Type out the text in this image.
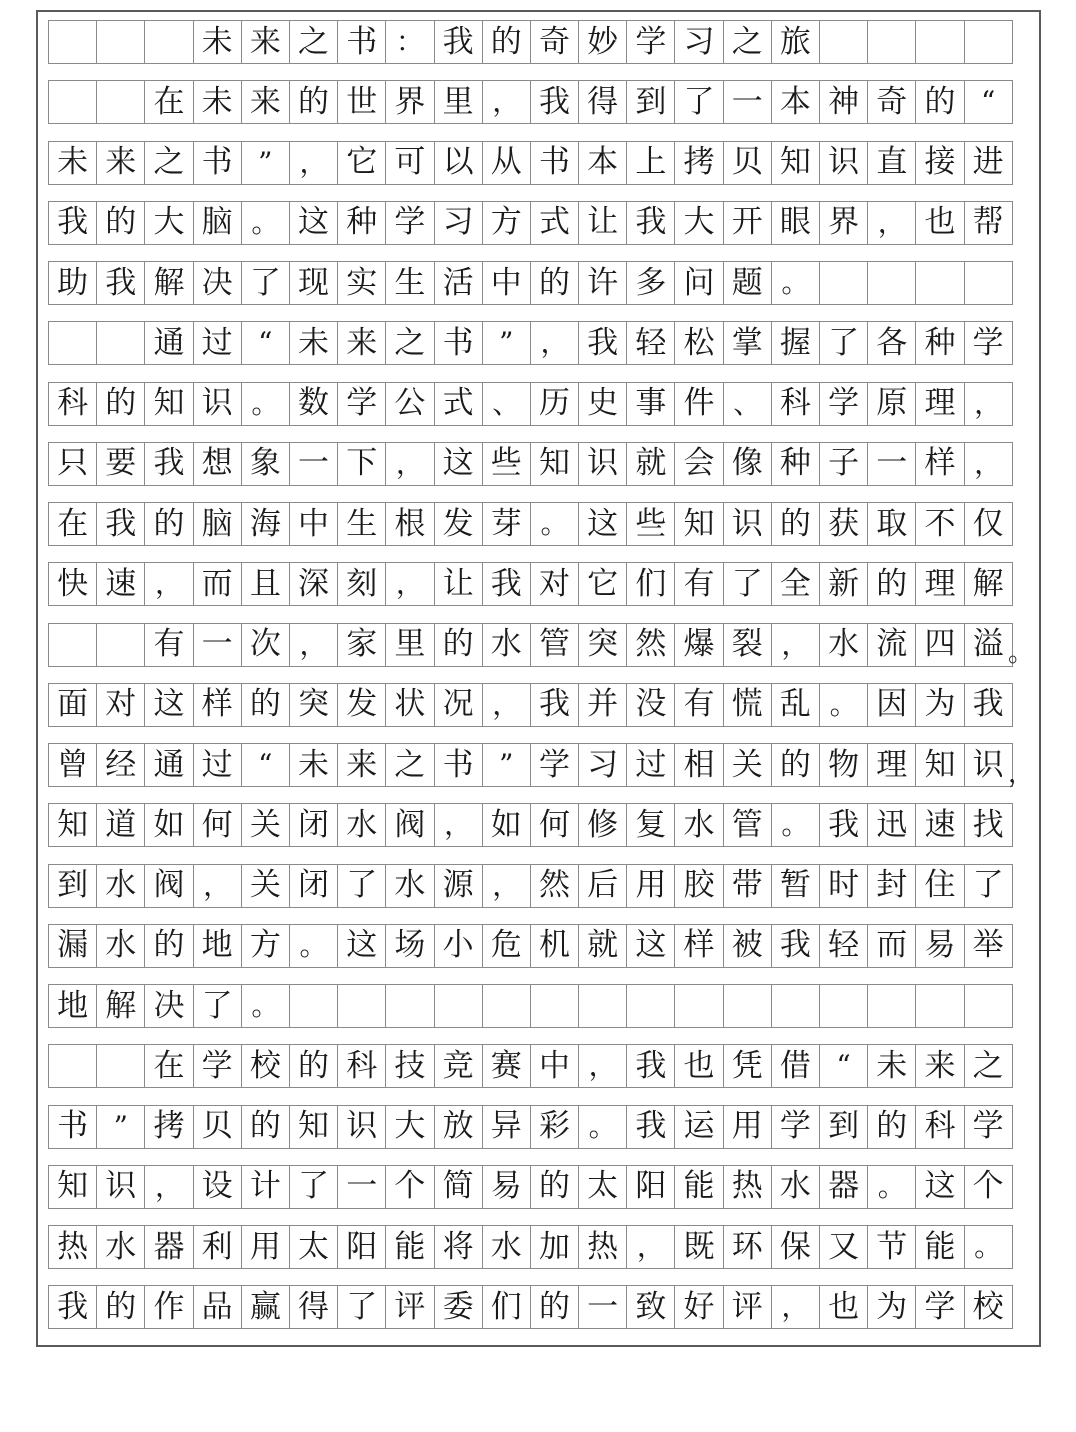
未 来 之 书 ： 我 的 奇 妙 学 习 之 旅
在 未 来 的 世 界 里 ， 我 得 到 了 一 本 神 奇 的 “
未 来 之 书 ” ， 它 可 以 从 书 本 上 拷 贝 知 识 直 接 进
我 的 大 脑 。 这 种 学 习 方 式 让 我 大 开 眼 界 ， 也 帮
助 我 解 决 了 现 实 生 活 中 的 许 多 问 题 。
通 过 “ 未 来 之 书 ” ， 我 轻 松 掌 握 了 各 种 学
科 的 知 识 。 数 学 公 式 、 历 史 事 件 、 科 学 原 理 ，
只 要 我 想 象 一 下 ， 这 些 知 识 就 会 像 种 子 一 样 ，
在 我 的 脑 海 中 生 根 发 芽 。 这 些 知 识 的 获 取 不 仅
快 速 ， 而 且 深 刻 ， 让 我 对 它 们 有 了 全 新 的 理 解
有 一 次 ， 家 里 的 水 管 突 然 爆 裂 ， 水 流 四 溢
面 对 这 样 的 突 发 状 况 ， 我 并 没 有 慌 乱 。 因 为 我
曾 经 通 过 “ 未 来 之 书 ” 学 习 过 相 关 的 物 理 知 识
知 道 如 何 关 闭 水 阀 ， 如 何 修 复 水 管 。 我 迅 速 找
到 水 阀 ， 关 闭 了 水 源 ， 然 后 用 胶 带 暂 时 封 住 了
漏 水 的 地 方 。 这 场 小 危 机 就 这 样 被 我 轻 而 易 举
地 解 决 了 。
在 学 校 的 科 技 竞 赛 中 ， 我 也 凭 借 “ 未 来 之
书 ” 拷 贝 的 知 识 大 放 异 彩 。 我 运 用 学 到 的 科 学
知 识 ， 设 计 了 一 个 简 易 的 太 阳 能 热 水 器 。 这 个
热 水 器 利 用 太 阳 能 将 水 加 热 ， 既 环 保 又 节 能 。
我 的 作 品 赢 得 了 评 委 们 的 一 致 好 评 ， 也 为 学 校
。
，
